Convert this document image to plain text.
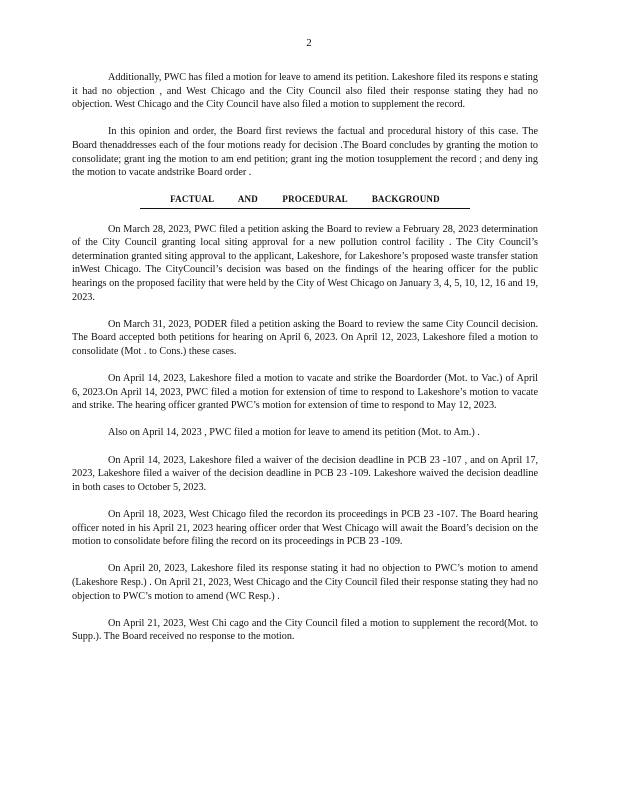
2

Additionally, PWC has filed a motion for leave to amend its petition. Lakeshore filed its respons e stating it had no objection , and West Chicago and the City Council also filed their response stating they had no objection. West Chicago and the City Council have also filed a motion to supplement the record.

In this opinion and order, the Board first reviews the factual and procedural history of this case. The Board thenaddresses each of the four motions ready for decision .The Board concludes by granting the motion to consolidate; grant ing the motion to am end petition; grant ing the motion tosupplement the record ; and deny ing the motion to vacate andstrike Board order .

FACTUAL AND PROCEDURAL BACKGROUND

On March 28, 2023, PWC filed a petition asking the Board to review a February 28, 2023 determination of the City Council granting local siting approval for a new pollution control facility . The City Council’s determination granted siting approval to the applicant, Lakeshore, for Lakeshore’s proposed waste transfer station inWest Chicago. The CityCouncil’s decision was based on the findings of the hearing officer for the public hearings on the proposed facility that were held by the City of West Chicago on January 3, 4, 5, 10, 12, 16 and 19, 2023.

On March 31, 2023, PODER filed a petition asking the Board to review the same City Council decision. The Board accepted both petitions for hearing on April 6, 2023. On April 12, 2023, Lakeshore filed a motion to consolidate (Mot . to Cons.) these cases.

On April 14, 2023, Lakeshore filed a motion to vacate and strike the Boardorder (Mot. to Vac.) of April 6, 2023.On April 14, 2023, PWC filed a motion for extension of time to respond to Lakeshore’s motion to vacate and strike. The hearing officer granted PWC’s motion for extension of time to respond to May 12, 2023.

Also on April 14, 2023 , PWC filed a motion for leave to amend its petition (Mot. to Am.) .

On April 14, 2023, Lakeshore filed a waiver of the decision deadline in PCB 23 -107 , and on April 17, 2023, Lakeshore filed a waiver of the decision deadline in PCB 23 -109. Lakeshore waived the decision deadline in both cases to October 5, 2023.

On April 18, 2023, West Chicago filed the recordon its proceedings in PCB 23 -107. The Board hearing officer noted in his April 21, 2023 hearing officer order that West Chicago will await the Board’s decision on the motion to consolidate before filing the record on its proceedings in PCB 23 -109.

On April 20, 2023, Lakeshore filed its response stating it had no objection to PWC’s motion to amend (Lakeshore Resp.) . On April 21, 2023, West Chicago and the City Council filed their response stating they had no objection to PWC’s motion to amend (WC Resp.) .

On April 21, 2023, West Chi cago and the City Council filed a motion to supplement the record(Mot. to Supp.). The Board received no response to the motion.
